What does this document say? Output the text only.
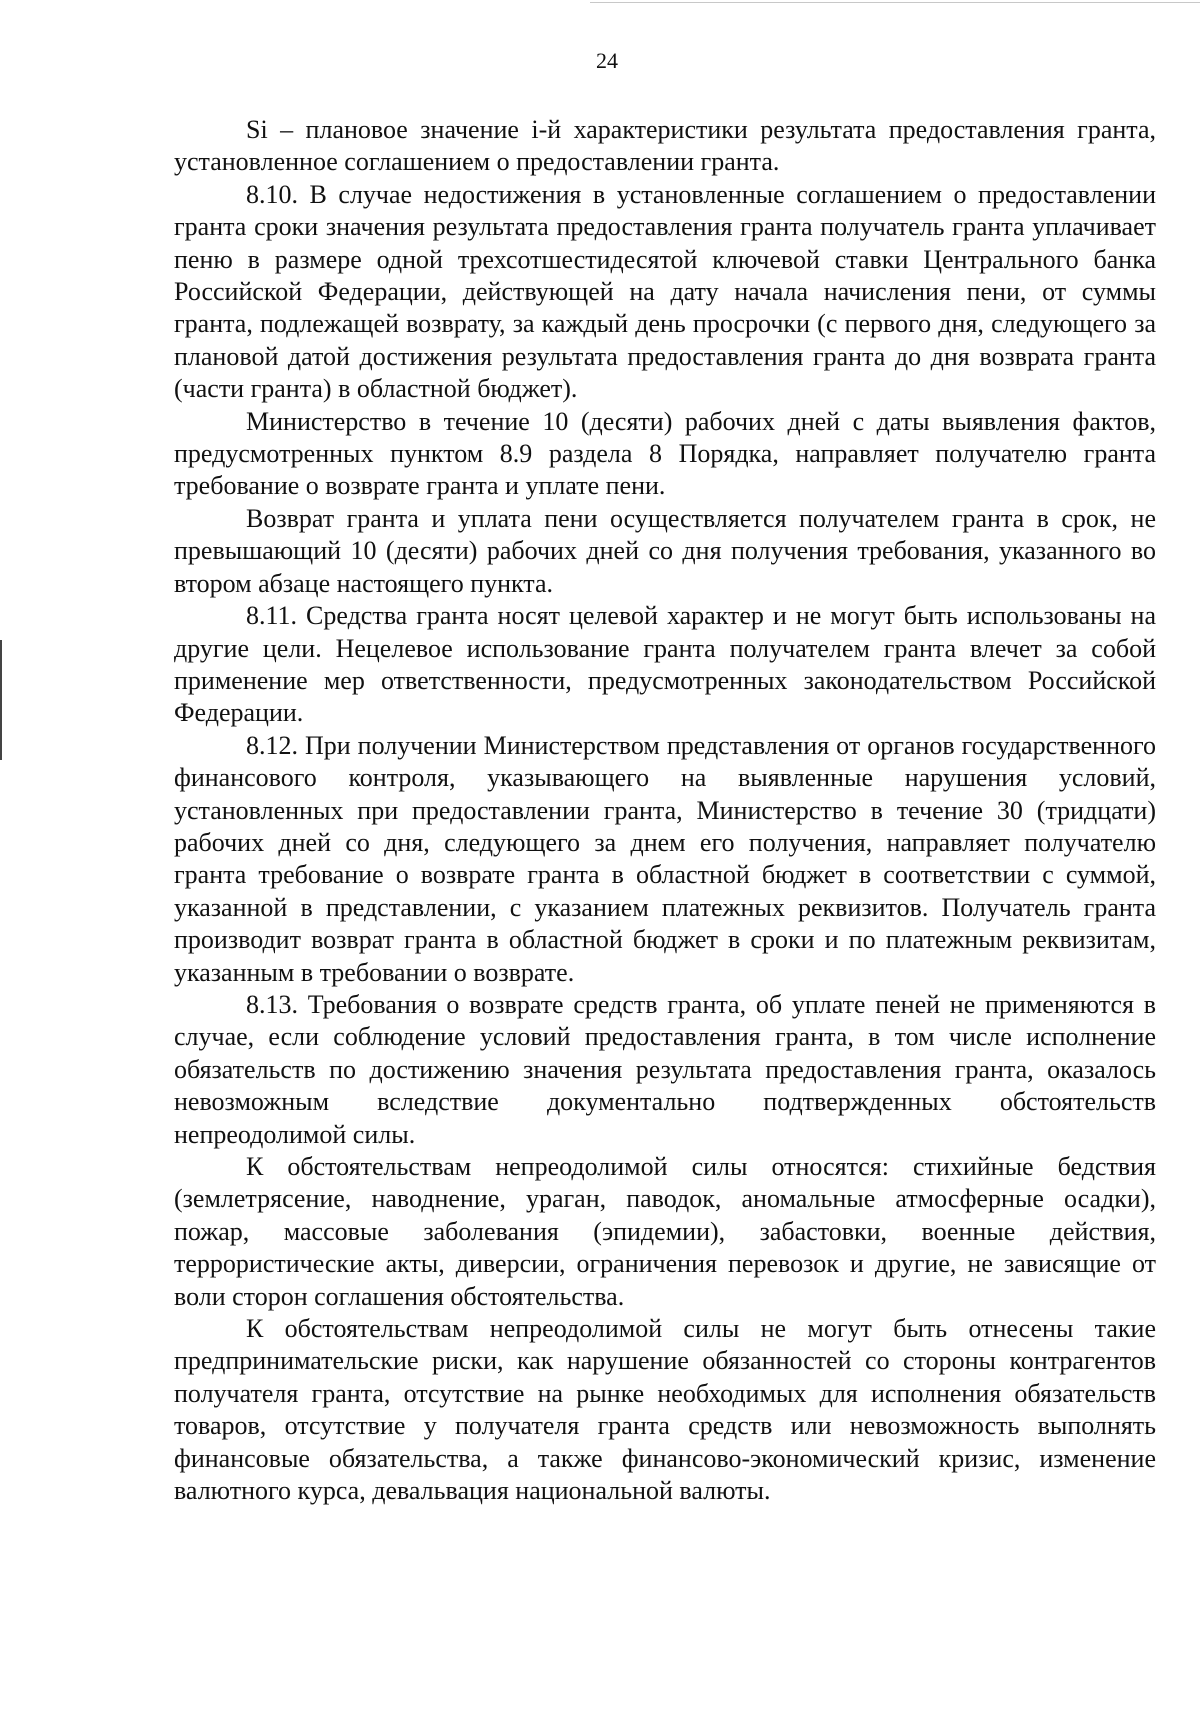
24

Si – плановое значение i-й характеристики результата предоставления гранта, установленное соглашением о предоставлении гранта.

8.10. В случае недостижения в установленные соглашением о предоставлении гранта сроки значения результата предоставления гранта получатель гранта уплачивает пеню в размере одной трехсотшестидесятой ключевой ставки Центрального банка Российской Федерации, действующей на дату начала начисления пени, от суммы гранта, подлежащей возврату, за каждый день просрочки (с первого дня, следующего за плановой датой достижения результата предоставления гранта до дня возврата гранта (части гранта) в областной бюджет).

Министерство в течение 10 (десяти) рабочих дней с даты выявления фактов, предусмотренных пунктом 8.9 раздела 8 Порядка, направляет получателю гранта требование о возврате гранта и уплате пени.

Возврат гранта и уплата пени осуществляется получателем гранта в срок, не превышающий 10 (десяти) рабочих дней со дня получения требования, указанного во втором абзаце настоящего пункта.

8.11. Средства гранта носят целевой характер и не могут быть использованы на другие цели. Нецелевое использование гранта получателем гранта влечет за собой применение мер ответственности, предусмотренных законодательством Российской Федерации.

8.12. При получении Министерством представления от органов государственного финансового контроля, указывающего на выявленные нарушения условий, установленных при предоставлении гранта, Министерство в течение 30 (тридцати) рабочих дней со дня, следующего за днем его получения, направляет получателю гранта требование о возврате гранта в областной бюджет в соответствии с суммой, указанной в представлении, с указанием платежных реквизитов. Получатель гранта производит возврат гранта в областной бюджет в сроки и по платежным реквизитам, указанным в требовании о возврате.

8.13. Требования о возврате средств гранта, об уплате пеней не применяются в случае, если соблюдение условий предоставления гранта, в том числе исполнение обязательств по достижению значения результата предоставления гранта, оказалось невозможным вследствие документально подтвержденных обстоятельств непреодолимой силы.

К обстоятельствам непреодолимой силы относятся: стихийные бедствия (землетрясение, наводнение, ураган, паводок, аномальные атмосферные осадки), пожар, массовые заболевания (эпидемии), забастовки, военные действия, террористические акты, диверсии, ограничения перевозок и другие, не зависящие от воли сторон соглашения обстоятельства.

К обстоятельствам непреодолимой силы не могут быть отнесены такие предпринимательские риски, как нарушение обязанностей со стороны контрагентов получателя гранта, отсутствие на рынке необходимых для исполнения обязательств товаров, отсутствие у получателя гранта средств или невозможность выполнять финансовые обязательства, а также финансово-экономический кризис, изменение валютного курса, девальвация национальной валюты.
